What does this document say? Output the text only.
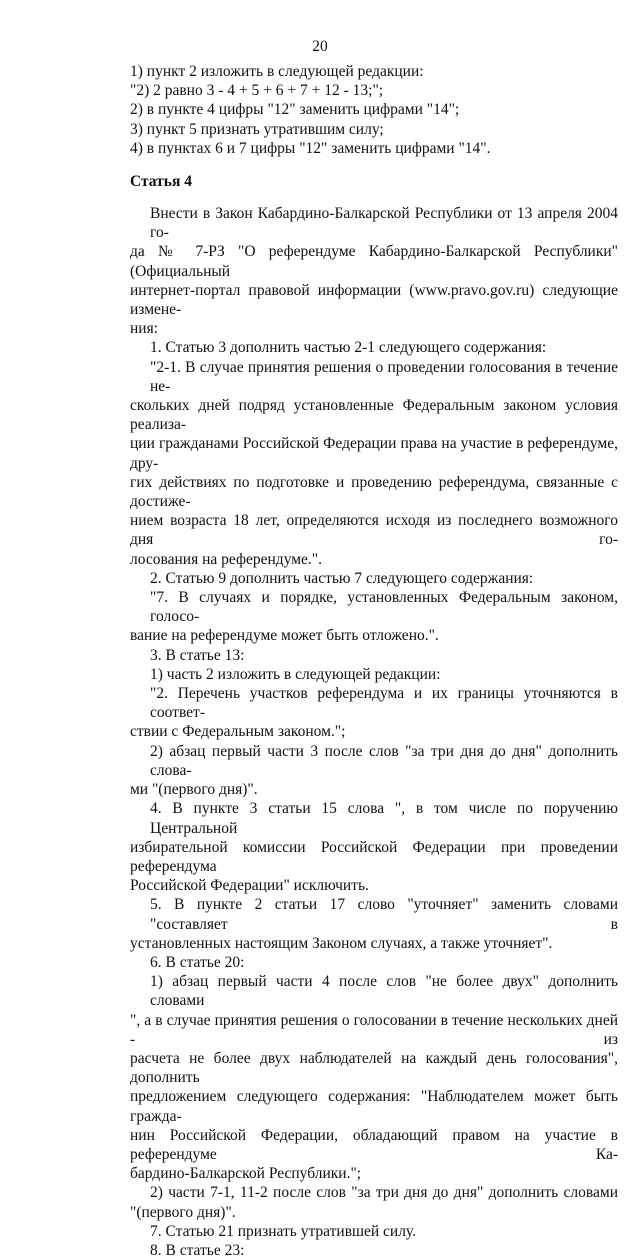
20

1) пункт 2 изложить в следующей редакции:

"2) 2 равно 3 - 4 + 5 + 6 + 7 + 12 - 13;";

2) в пункте 4 цифры "12" заменить цифрами "14";

3) пункт 5 признать утратившим силу;

4) в пунктах 6 и 7 цифры "12" заменить цифрами "14".

Статья 4

Внести в Закон Кабардино-Балкарской Республики от 13 апреля 2004 го-

да № 7-РЗ "О референдуме Кабардино-Балкарской Республики" (Официальный

интернет-портал правовой информации (www.pravo.gov.ru) следующие измене-

ния:

1. Статью 3 дополнить частью 2-1 следующего содержания:

"2-1. В случае принятия решения о проведении голосования в течение не-

скольких дней подряд установленные Федеральным законом условия реализа-

ции гражданами Российской Федерации права на участие в референдуме, дру-

гих действиях по подготовке и проведению референдума, связанные с достиже-

нием возраста 18 лет, определяются исходя из последнего возможного дня го-

лосования на референдуме.".

2. Статью 9 дополнить частью 7 следующего содержания:

"7. В случаях и порядке, установленных Федеральным законом, голосо-

вание на референдуме может быть отложено.".

3. В статье 13:

1) часть 2 изложить в следующей редакции:

"2. Перечень участков референдума и их границы уточняются в соответ-

ствии с Федеральным законом.";

2) абзац первый части 3 после слов "за три дня до дня" дополнить слова-

ми "(первого дня)".

4. В пункте 3 статьи 15 слова ", в том числе по поручению Центральной

избирательной комиссии Российской Федерации при проведении референдума

Российской Федерации" исключить.

5. В пункте 2 статьи 17 слово "уточняет" заменить словами "составляет в

установленных настоящим Законом случаях, а также уточняет".

6. В статье 20:

1) абзац первый части 4 после слов "не более двух" дополнить словами

", а в случае принятия решения о голосовании в течение нескольких дней - из

расчета не более двух наблюдателей на каждый день голосования", дополнить

предложением следующего содержания: "Наблюдателем может быть гражда-

нин Российской Федерации, обладающий правом на участие в референдуме Ка-

бардино-Балкарской Республики.";

2) части 7-1, 11-2 после слов "за три дня до дня" дополнить словами

"(первого дня)".

7. Статью 21 признать утратившей силу.

8. В статье 23:
